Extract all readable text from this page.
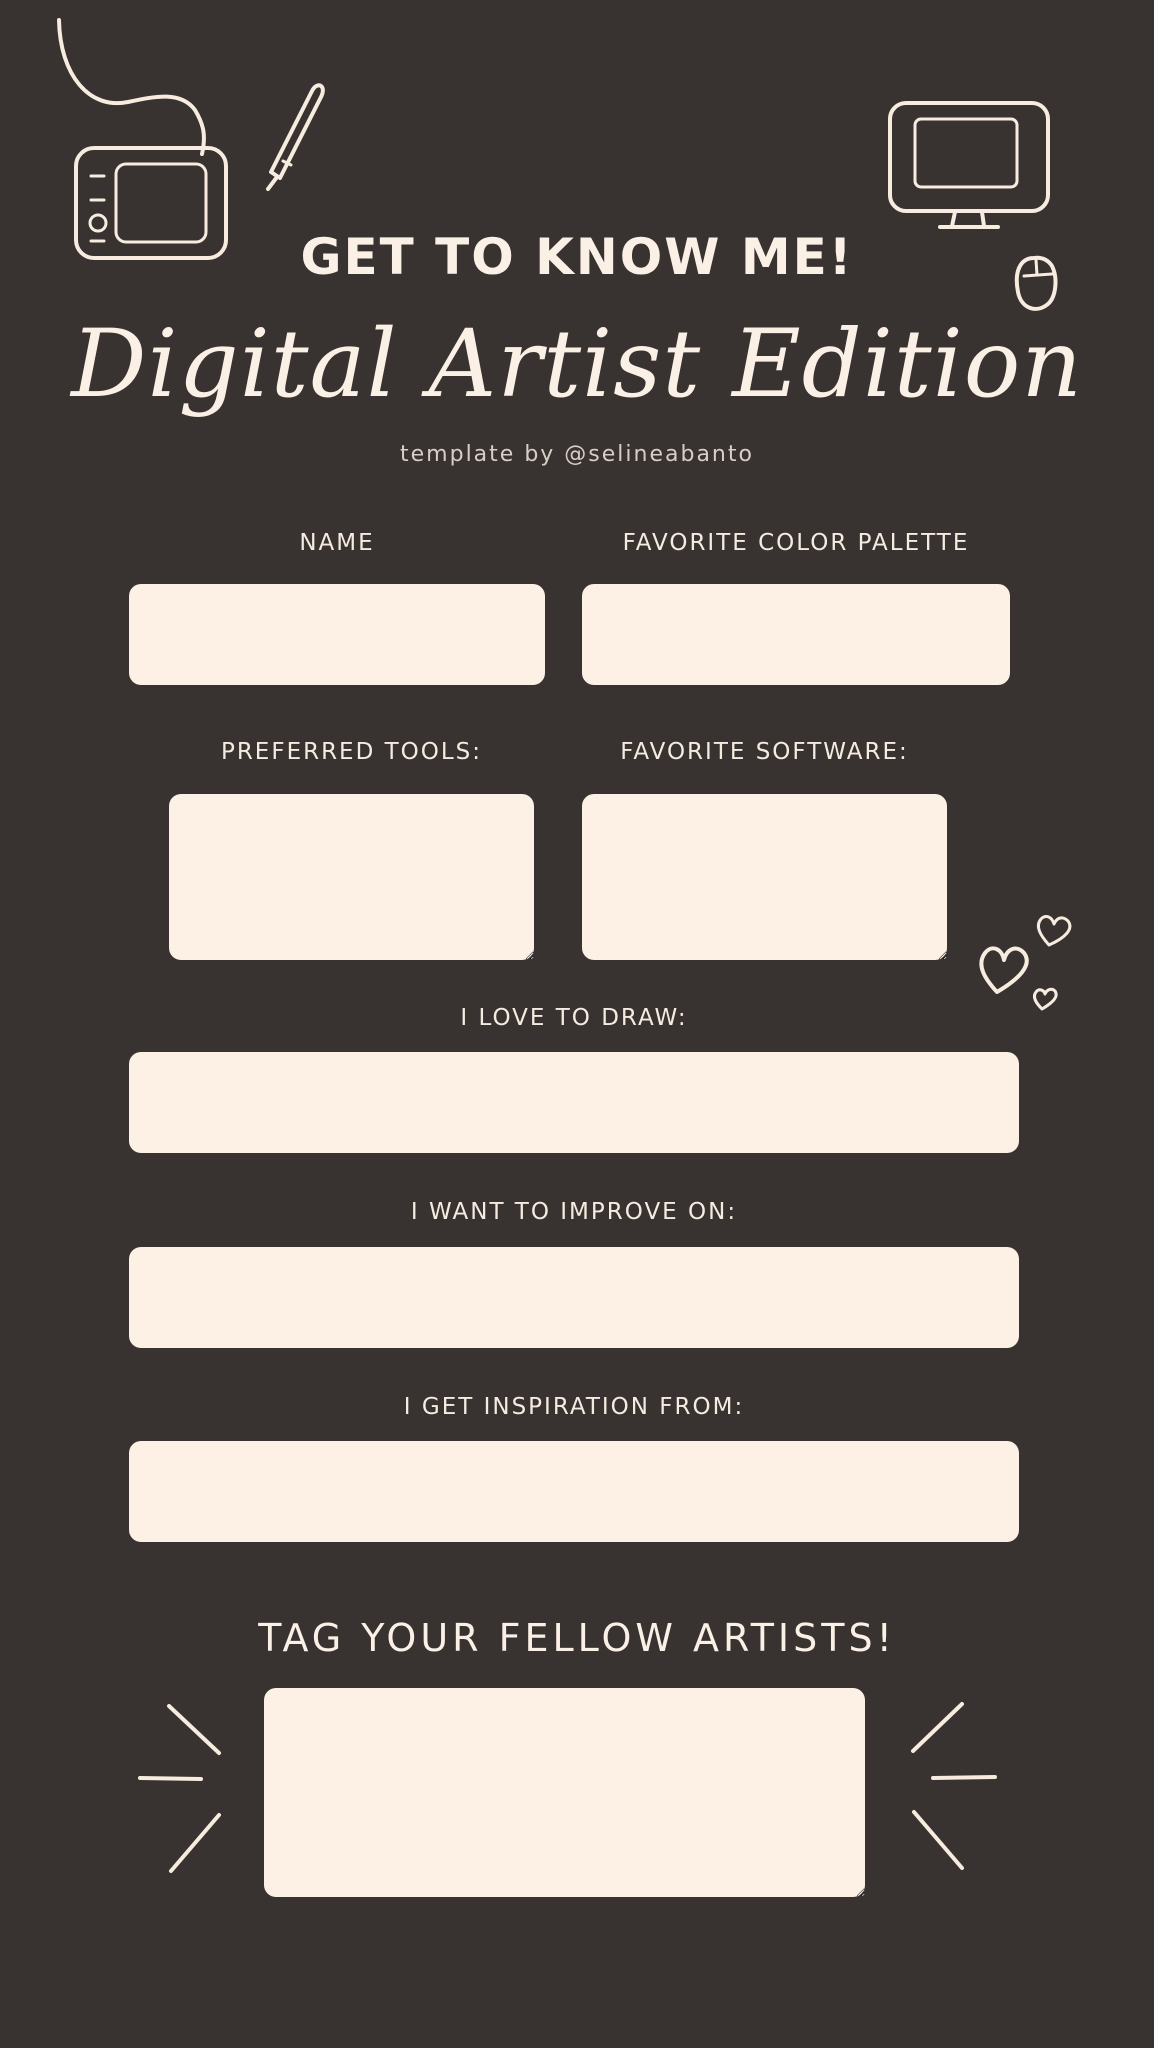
GET TO KNOW ME!
Digital Artist Edition
template by @selineabanto
NAME	FAVORITE COLOR PALETTE
PREFERRED TOOLS:	FAVORITE SOFTWARE:
I LOVE TO DRAW:
I WANT TO IMPROVE ON:
I GET INSPIRATION FROM:
TAG YOUR FELLOW ARTISTS!
